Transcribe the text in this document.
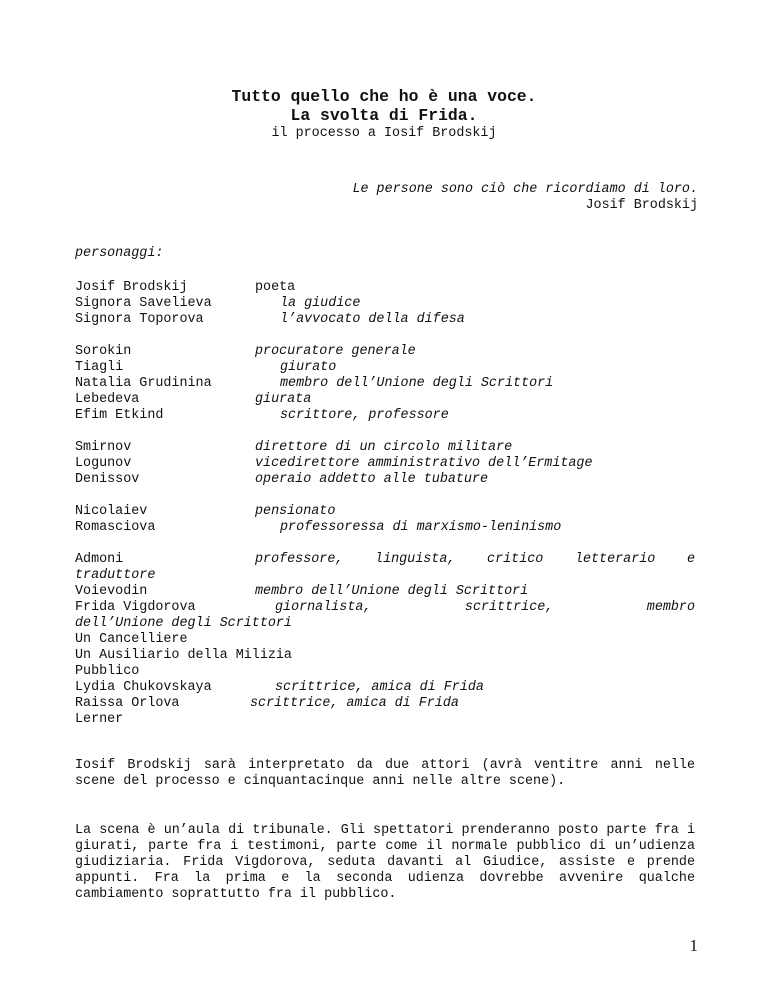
Tutto quello che ho è una voce.
La svolta di Frida.
il processo a Iosif Brodskij
Le persone sono ciò che ricordiamo di loro.
Josif Brodskij
personaggi:
Josif Brodskij	poeta
Signora Savelieva	la giudice
Signora Toporova	l’avvocato della difesa
Sorokin	procuratore generale
Tiagli	giurato
Natalia Grudinina	membro dell’Unione degli Scrittori
Lebedeva	giurata
Efim Etkind	scrittore, professore
Smirnov	direttore di un circolo militare
Logunov	vicedirettore amministrativo dell’Ermitage
Denissov	operaio addetto alle tubature
Nicolaiev	pensionato
Romasciova	professoressa di marxismo-leninismo
Admoni	professore, linguista, critico letterario e
traduttore
Voievodin	membro dell’Unione degli Scrittori
Frida Vigdorova	giornalista, scrittrice, membro
dell’Unione degli Scrittori
Un Cancelliere
Un Ausiliario della Milizia
Pubblico
Lydia Chukovskaya	scrittrice, amica di Frida
Raissa Orlova	scrittrice, amica di Frida
Lerner
Iosif Brodskij sarà interpretato da due attori (avrà ventitre anni nelle scene del processo e cinquantacinque anni nelle altre scene).
La scena è un’aula di tribunale. Gli spettatori prenderanno posto parte fra i giurati, parte fra i testimoni, parte come il normale pubblico di un’udienza giudiziaria. Frida Vigdorova, seduta davanti al Giudice, assiste e prende appunti. Fra la prima e la seconda udienza dovrebbe avvenire qualche cambiamento soprattutto fra il pubblico.
1
